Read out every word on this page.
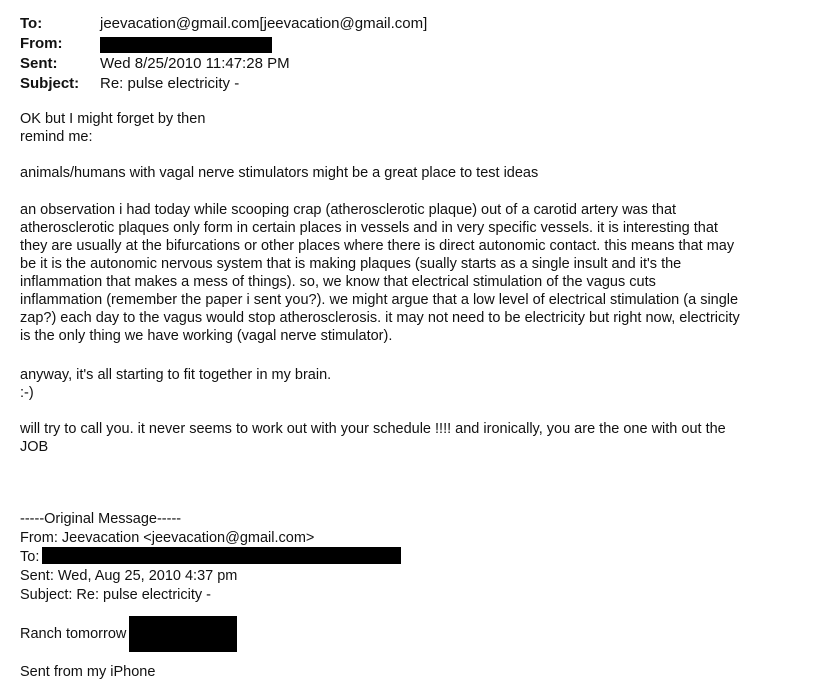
To:	jeevacation@gmail.com[jeevacation@gmail.com]
From:
Sent:	Wed 8/25/2010 11:47:28 PM
Subject:	Re: pulse electricity -

OK but I might forget by then
remind me:

animals/humans with vagal nerve stimulators might be a great place to test ideas

an observation i had today while scooping crap (atherosclerotic plaque) out of a carotid artery was that
atherosclerotic plaques only form in certain places in vessels and in very specific vessels. it is interesting that
they are usually at the bifurcations or other places where there is direct autonomic contact. this means that may
be it is the autonomic nervous system that is making plaques (sually starts as a single insult and it's the
inflammation that makes a mess of things). so, we know that electrical stimulation of the vagus cuts
inflammation (remember the paper i sent you?). we might argue that a low level of electrical stimulation (a single
zap?) each day to the vagus would stop atherosclerosis. it may not need to be electricity but right now, electricity
is the only thing we have working (vagal nerve stimulator).

anyway, it's all starting to fit together in my brain.
:-)

will try to call you. it never seems to work out with your schedule !!!! and ironically, you are the one with out the
JOB

-----Original Message-----
From: Jeevacation <jeevacation@gmail.com>
To:
Sent: Wed, Aug 25, 2010 4:37 pm
Subject: Re: pulse electricity -
Ranch tomorrow
Sent from my iPhone
